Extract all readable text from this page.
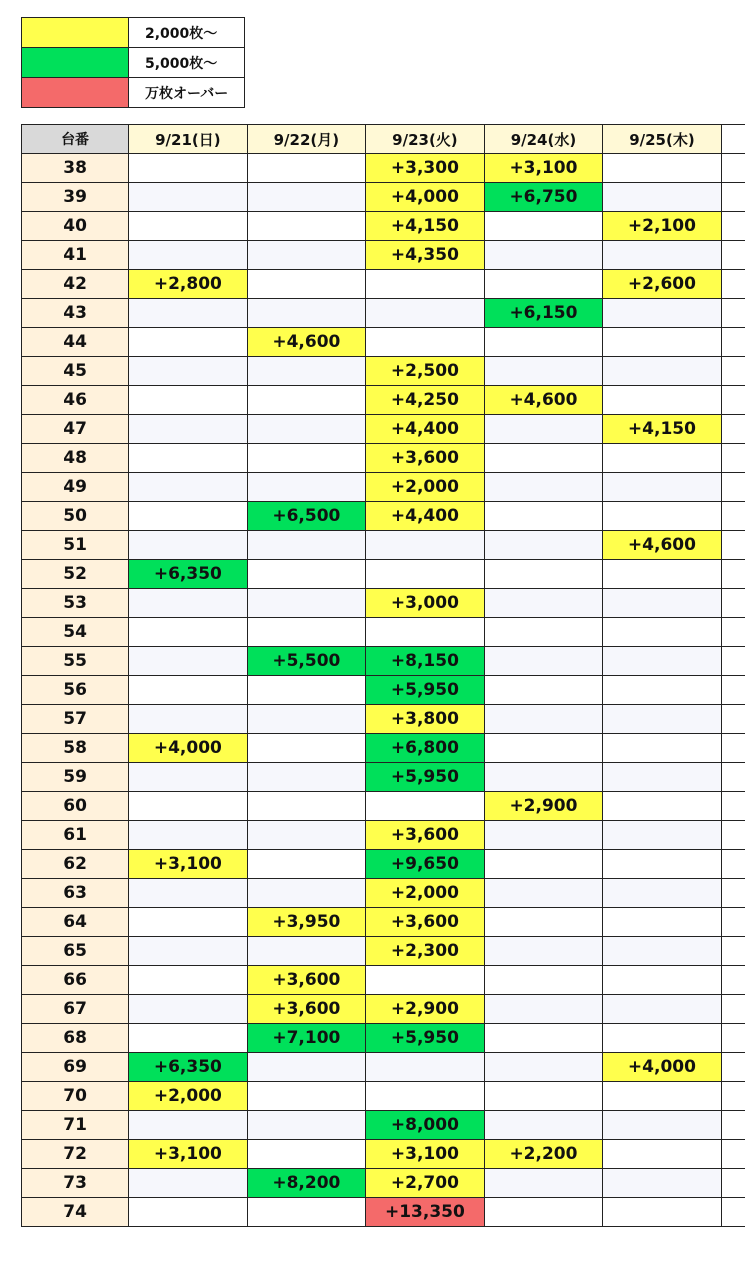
	2,000枚〜
	5,000枚〜
	万枚オーバー
台番	9/21(日)	9/22(月)	9/23(火)	9/24(水)	9/25(木)	
38			+3,300	+3,100		
39			+4,000	+6,750		
40			+4,150		+2,100	
41			+4,350			
42	+2,800				+2,600	
43				+6,150		
44		+4,600				
45			+2,500			
46			+4,250	+4,600		
47			+4,400		+4,150	
48			+3,600			
49			+2,000			
50		+6,500	+4,400			
51					+4,600	
52	+6,350					
53			+3,000			
54						
55		+5,500	+8,150			
56			+5,950			
57			+3,800			
58	+4,000		+6,800			
59			+5,950			
60				+2,900		
61			+3,600			
62	+3,100		+9,650			
63			+2,000			
64		+3,950	+3,600			
65			+2,300			
66		+3,600				
67		+3,600	+2,900			
68		+7,100	+5,950			
69	+6,350				+4,000	
70	+2,000					
71			+8,000			
72	+3,100		+3,100	+2,200		
73		+8,200	+2,700			
74			+13,350			
